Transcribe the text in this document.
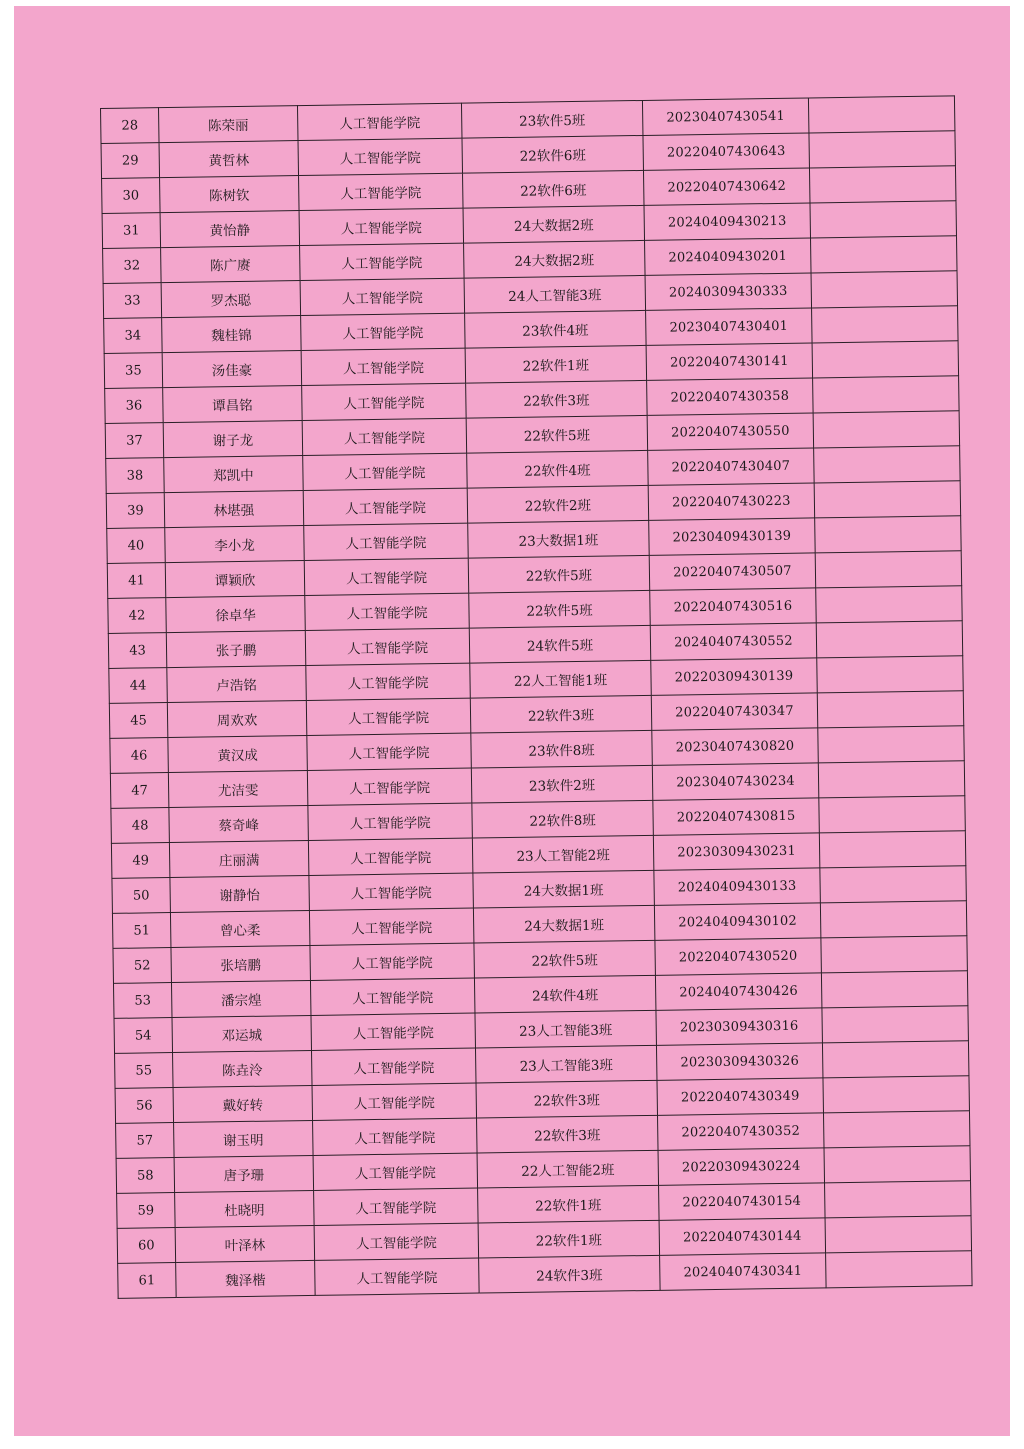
28	陈荣丽	人工智能学院	23软件5班	20230407430541	
29	黄哲林	人工智能学院	22软件6班	20220407430643	
30	陈树钦	人工智能学院	22软件6班	20220407430642	
31	黄怡静	人工智能学院	24大数据2班	20240409430213	
32	陈广赓	人工智能学院	24大数据2班	20240409430201	
33	罗杰聪	人工智能学院	24人工智能3班	20240309430333	
34	魏桂锦	人工智能学院	23软件4班	20230407430401	
35	汤佳豪	人工智能学院	22软件1班	20220407430141	
36	谭昌铭	人工智能学院	22软件3班	20220407430358	
37	谢子龙	人工智能学院	22软件5班	20220407430550	
38	郑凯中	人工智能学院	22软件4班	20220407430407	
39	林堪强	人工智能学院	22软件2班	20220407430223	
40	李小龙	人工智能学院	23大数据1班	20230409430139	
41	谭颖欣	人工智能学院	22软件5班	20220407430507	
42	徐卓华	人工智能学院	22软件5班	20220407430516	
43	张子鹏	人工智能学院	24软件5班	20240407430552	
44	卢浩铭	人工智能学院	22人工智能1班	20220309430139	
45	周欢欢	人工智能学院	22软件3班	20220407430347	
46	黄汉成	人工智能学院	23软件8班	20230407430820	
47	尤洁雯	人工智能学院	23软件2班	20230407430234	
48	蔡奇峰	人工智能学院	22软件8班	20220407430815	
49	庄丽满	人工智能学院	23人工智能2班	20230309430231	
50	谢静怡	人工智能学院	24大数据1班	20240409430133	
51	曾心柔	人工智能学院	24大数据1班	20240409430102	
52	张培鹏	人工智能学院	22软件5班	20220407430520	
53	潘宗煌	人工智能学院	24软件4班	20240407430426	
54	邓运城	人工智能学院	23人工智能3班	20230309430316	
55	陈垚泠	人工智能学院	23人工智能3班	20230309430326	
56	戴好转	人工智能学院	22软件3班	20220407430349	
57	谢玉明	人工智能学院	22软件3班	20220407430352	
58	唐予珊	人工智能学院	22人工智能2班	20220309430224	
59	杜晓明	人工智能学院	22软件1班	20220407430154	
60	叶泽林	人工智能学院	22软件1班	20220407430144	
61	魏泽楷	人工智能学院	24软件3班	20240407430341	
